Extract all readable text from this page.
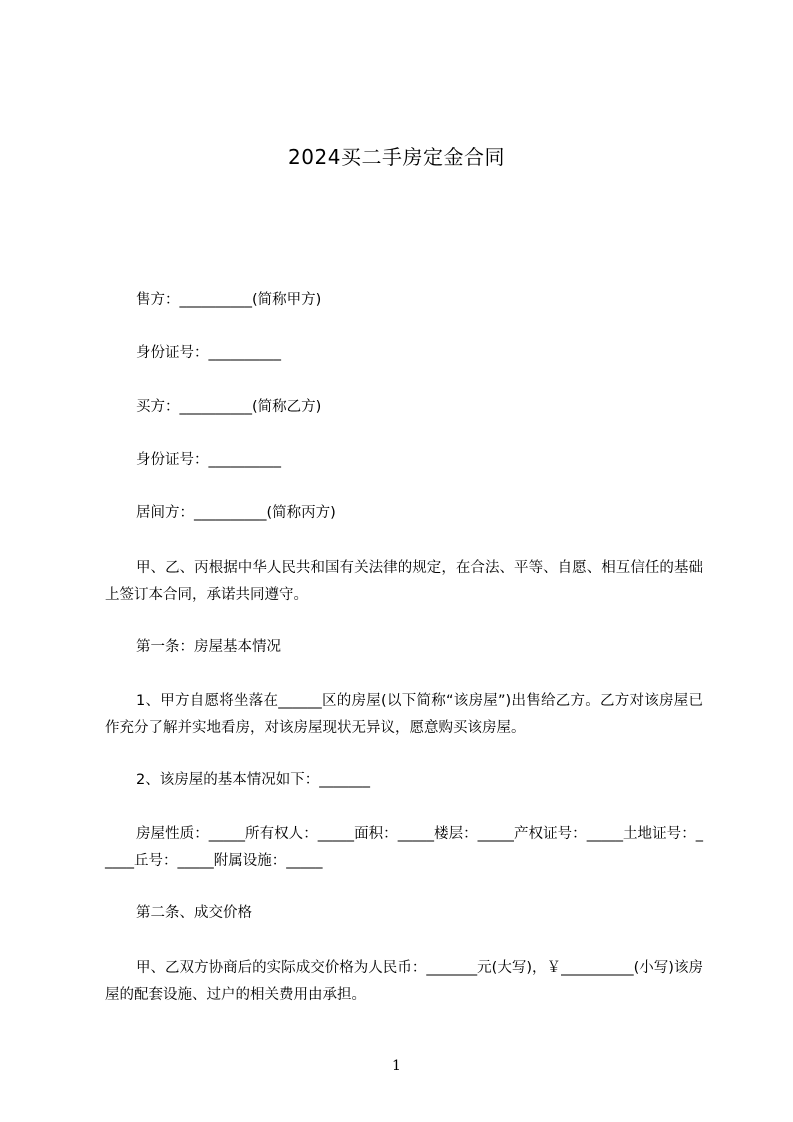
2024买二手房定金合同
售方：__________(简称甲方)
身份证号：__________
买方：__________(简称乙方)
身份证号：__________
居间方：__________(简称丙方)
甲、乙、丙根据中华人民共和国有关法律的规定，在合法、平等、自愿、相互信任的基础上签订本合同，承诺共同遵守。
第一条：房屋基本情况
1、甲方自愿将坐落在______区的房屋(以下简称“该房屋”)出售给乙方。乙方对该房屋已作充分了解并实地看房，对该房屋现状无异议，愿意购买该房屋。
2、该房屋的基本情况如下：_______
房屋性质：_____所有权人：_____面积：_____楼层：_____产权证号：_____土地证号：_____丘号：_____附属设施：_____
第二条、成交价格
甲、乙双方协商后的实际成交价格为人民币：_______元(大写)，￥__________(小写)该房屋的配套设施、过户的相关费用由承担。
1
